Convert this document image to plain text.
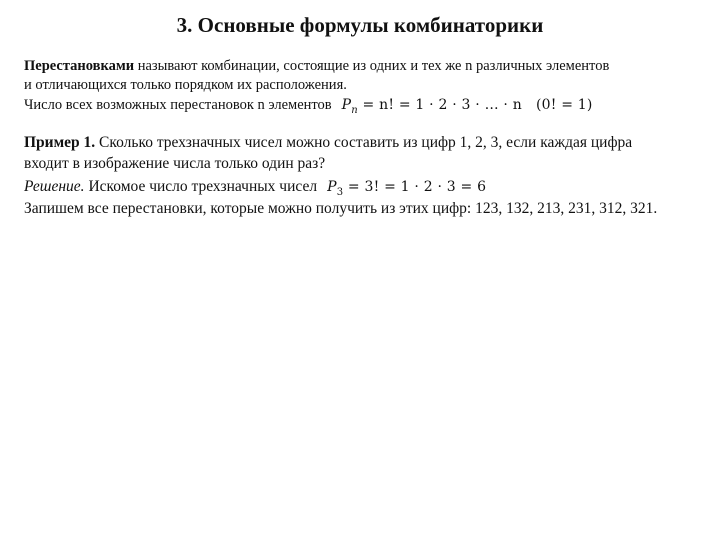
3. Основные формулы комбинаторики
Перестановками называют комбинации, состоящие из одних и тех же n различных элементов
и отличающихся только порядком их расположения.
Число всех возможных перестановок n элементов $P_n = n$! = 1 · 2 · 3 · … · n (0! = 1)
Пример 1. Сколько трехзначных чисел можно составить из цифр 1, 2, 3, если каждая цифра
входит в изображение числа только один раз?
Решение. Искомое число трехзначных чисел $P_3 = 3$! = 1 · 2 · 3 = 6
Запишем все перестановки, которые можно получить из этих цифр: 123, 132, 213, 231, 312, 321.
